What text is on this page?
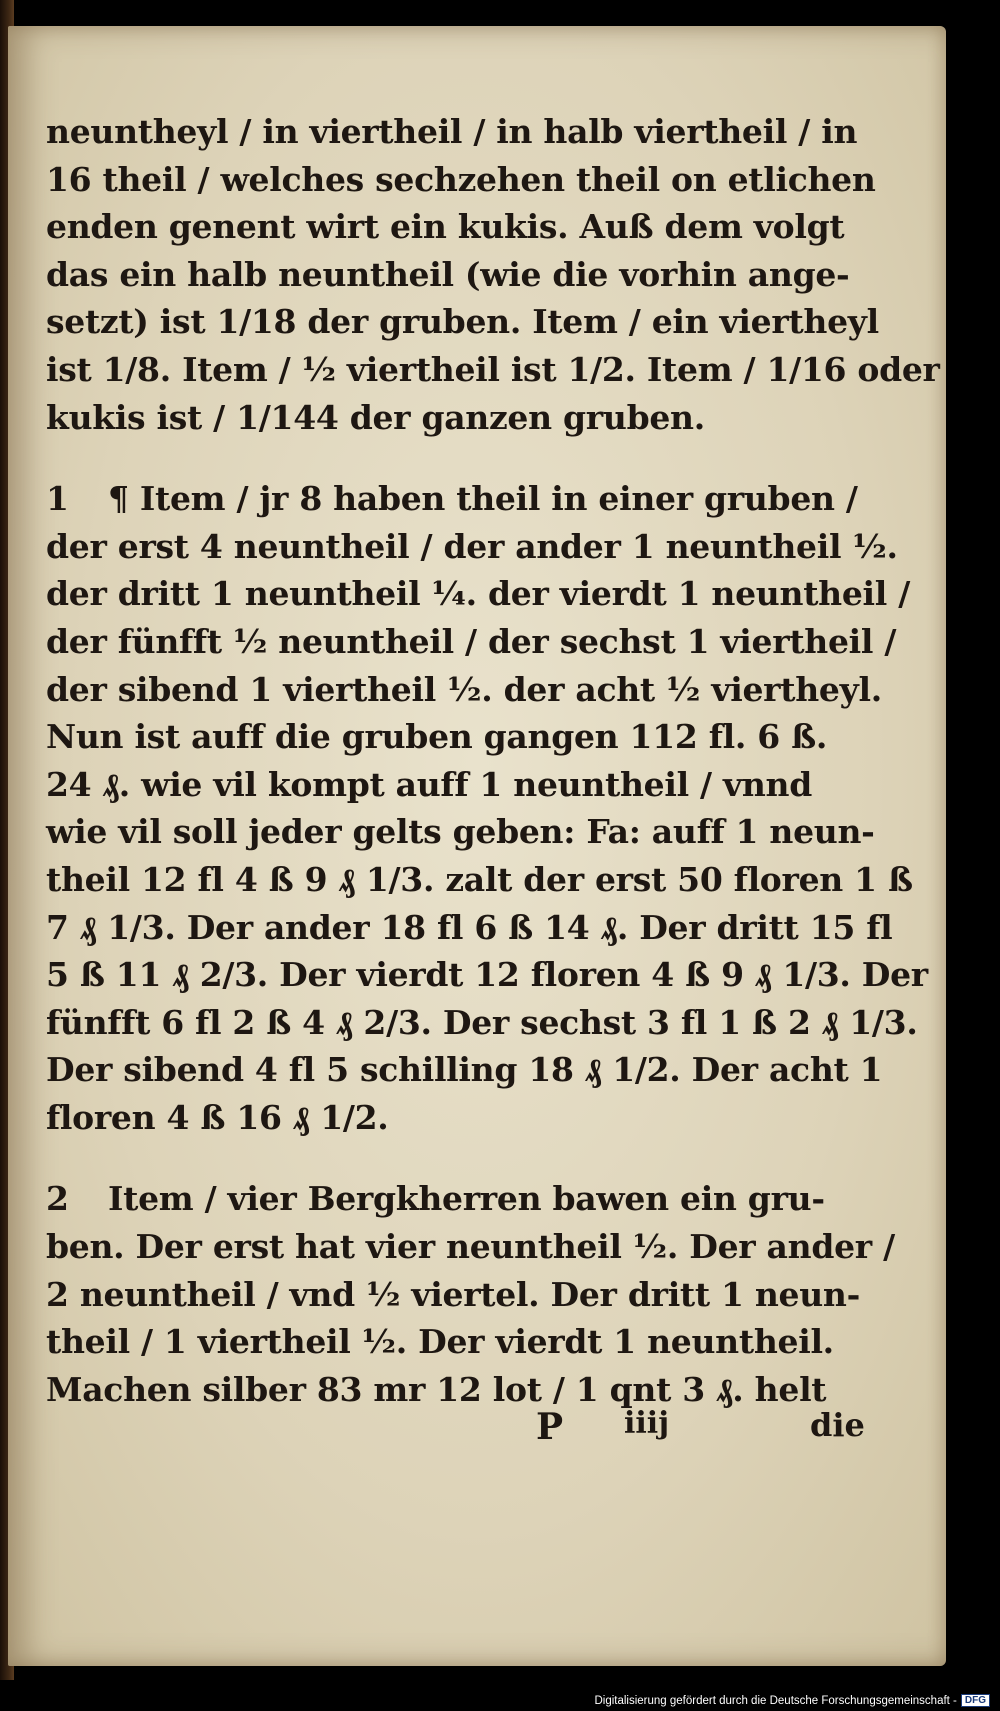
neuntheyl / in viertheil / in halb viertheil / in
16 theil / welches sechzehen theil on etlichen
enden genent wirt ein kukis. Auß dem volgt
das ein halb neuntheil (wie die vorhin ange-
setzt) ist 1/18 der gruben. Item / ein viertheyl
ist 1/8. Item / ½ viertheil ist 1/2. Item / 1/16 oder
kukis ist / 1/144 der ganzen gruben.
1 ¶ Item / jr 8 haben theil in einer gruben /
der erst 4 neuntheil / der ander 1 neuntheil ½.
der dritt 1 neuntheil ¼. der vierdt 1 neuntheil /
der fünfft ½ neuntheil / der sechst 1 viertheil /
der sibend 1 viertheil ½. der acht ½ viertheyl.
Nun ist auff die gruben gangen 112 fl. 6 ß.
24 ₰. wie vil kompt auff 1 neuntheil / vnnd
wie vil soll jeder gelts geben: Fa: auff 1 neun-
theil 12 fl 4 ß 9 ₰ 1/3. zalt der erst 50 floren 1 ß
7 ₰ 1/3. Der ander 18 fl 6 ß 14 ₰. Der dritt 15 fl
5 ß 11 ₰ 2/3. Der vierdt 12 floren 4 ß 9 ₰ 1/3. Der
fünfft 6 fl 2 ß 4 ₰ 2/3. Der sechst 3 fl 1 ß 2 ₰ 1/3.
Der sibend 4 fl 5 schilling 18 ₰ 1/2. Der acht 1
floren 4 ß 16 ₰ 1/2.
2 Item / vier Bergkherren bawen ein gru-
ben. Der erst hat vier neuntheil ½. Der ander /
2 neuntheil / vnd ½ viertel. Der dritt 1 neun-
theil / 1 viertheil ½. Der vierdt 1 neuntheil.
Machen silber 83 mr 12 lot / 1 qnt 3 ₰. helt
P iiij	die
Digitalisierung gefördert durch die Deutsche Forschungsgemeinschaft - DFG
